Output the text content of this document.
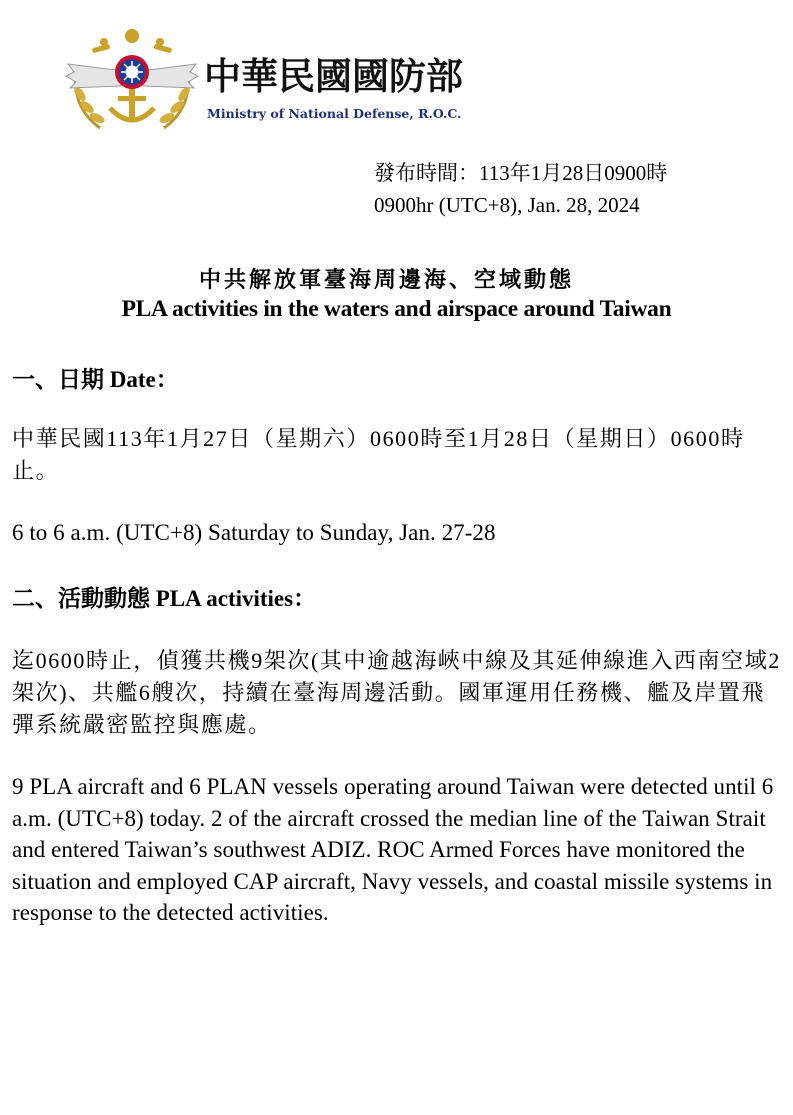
中華民國國防部
Ministry of National Defense, R.O.C.
發布時間：113年1月28日0900時
0900hr (UTC+8), Jan. 28, 2024
中共解放軍臺海周邊海、空域動態
PLA activities in the waters and airspace around Taiwan
一、日期 Date：
中華民國113年1月27日（星期六）0600時至1月28日（星期日）0600時止。
6 to 6 a.m. (UTC+8) Saturday to Sunday, Jan. 27-28
二、活動動態 PLA activities：
迄0600時止，偵獲共機9架次(其中逾越海峽中線及其延伸線進入西南空域2架次)、共艦6艘次，持續在臺海周邊活動。國軍運用任務機、艦及岸置飛彈系統嚴密監控與應處。
9 PLA aircraft and 6 PLAN vessels operating around Taiwan were detected until 6 a.m. (UTC+8) today. 2 of the aircraft crossed the median line of the Taiwan Strait and entered Taiwan’s southwest ADIZ. ROC Armed Forces have monitored the situation and employed CAP aircraft, Navy vessels, and coastal missile systems in response to the detected activities.
